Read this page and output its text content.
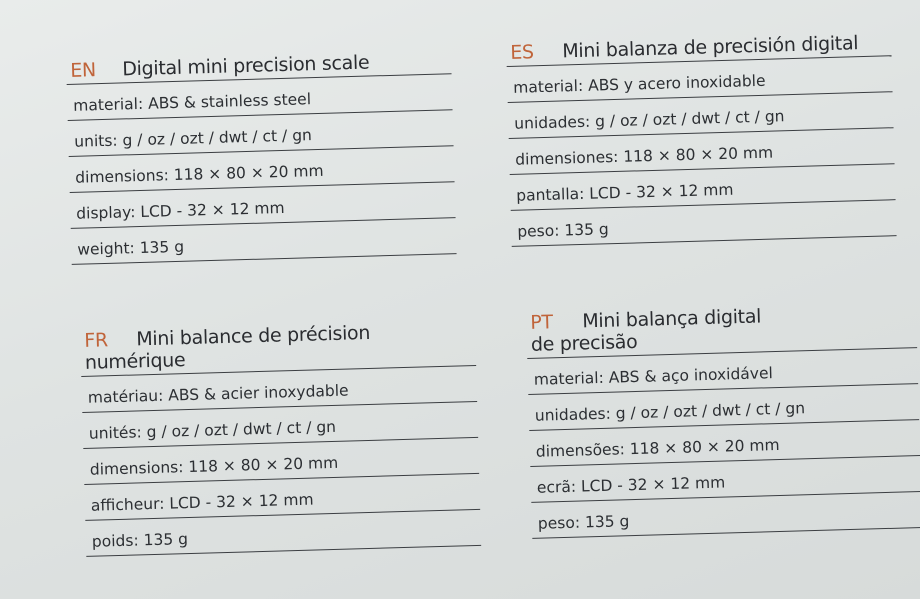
EN	Digital mini precision scale
material: ABS & stainless steel
units: g / oz / ozt / dwt / ct / gn
dimensions: 118 × 80 × 20 mm
display: LCD - 32 × 12 mm
weight: 135 g
ES	Mini balanza de precisión digital
material: ABS y acero inoxidable
unidades: g / oz / ozt / dwt / ct / gn
dimensiones: 118 × 80 × 20 mm
pantalla: LCD - 32 × 12 mm
peso: 135 g
FR	Mini balance de précision
numérique
matériau: ABS & acier inoxydable
unités: g / oz / ozt / dwt / ct / gn
dimensions: 118 × 80 × 20 mm
afficheur: LCD - 32 × 12 mm
poids: 135 g
PT	Mini balança digital
de precisão
material: ABS & aço inoxidável
unidades: g / oz / ozt / dwt / ct / gn
dimensões: 118 × 80 × 20 mm
ecrã: LCD - 32 × 12 mm
peso: 135 g
